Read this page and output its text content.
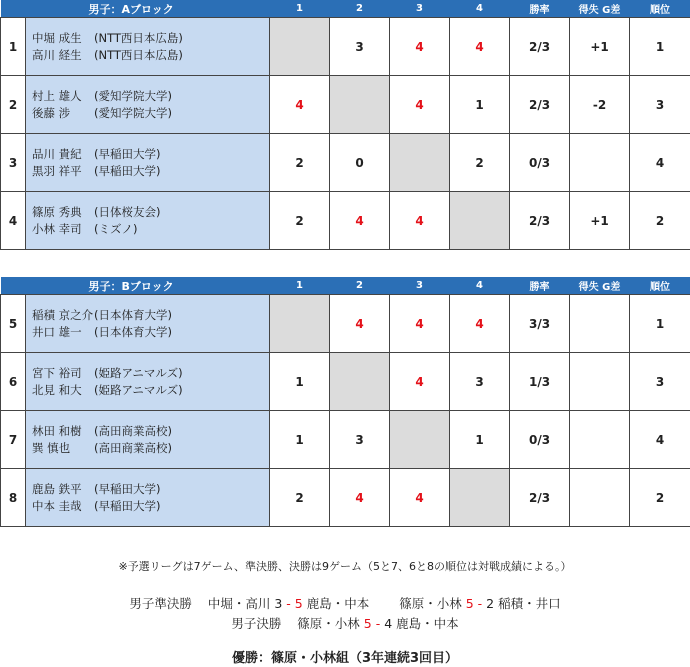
男子：Aブロック		1	2	3	4	勝率	得失 G差	順位
1	中堀 成生 (NTT西日本広島)
高川 経生 (NTT西日本広島)		3	4	4	2/3	+1	1
2	村上 雄人 (愛知学院大学)
後藤 涉 (愛知学院大学)	4		4	1	2/3	-2	3
3	品川 貴紀 (早稲田大学)
黒羽 祥平 (早稲田大学)	2	0		2	0/3		4
4	篠原 秀典 (日体桜友会)
小林 幸司 (ミズノ)	2	4	4		2/3	+1	2
男子：Bブロック		1	2	3	4	勝率	得失 G差	順位
5	稲積 京之介(日本体育大学)
井口 雄一 (日本体育大学)		4	4	4	3/3		1
6	宮下 裕司 (姫路アニマルズ)
北見 和大 (姫路アニマルズ)	1		4	3	1/3		3
7	林田 和樹 (高田商業高校)
巽 慎也 (高田商業高校)	1	3		1	0/3		4
8	鹿島 鉄平 (早稲田大学)
中本 圭哉 (早稲田大学)	2	4	4		2/3		2
※予選リーグは7ゲーム、準決勝、決勝は9ゲーム（5と7、6と8の順位は対戦成績による。）
男子準決勝 中堀・高川 3 - 5 鹿島・中本 篠原・小林 5 - 2 稲積・井口
男子決勝 篠原・小林 5 - 4 鹿島・中本
優勝：篠原・小林組（3年連続3回目）
